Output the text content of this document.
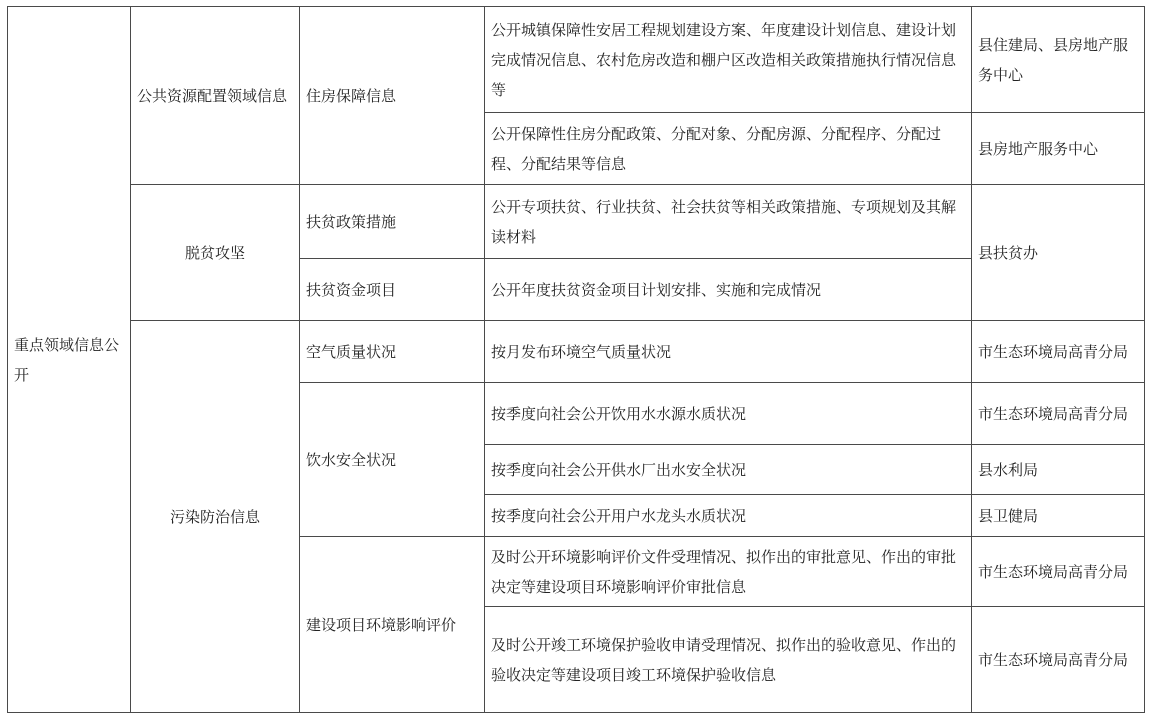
重点领域信息公开	公共资源配置领域信息	住房保障信息	公开城镇保障性安居工程规划建设方案、年度建设计划信息、建设计划完成情况信息、农村危房改造和棚户区改造相关政策措施执行情况信息等	县住建局、县房地产服务中心
			公开保障性住房分配政策、分配对象、分配房源、分配程序、分配过程、分配结果等信息	县房地产服务中心
	脱贫攻坚	扶贫政策措施	公开专项扶贫、行业扶贫、社会扶贫等相关政策措施、专项规划及其解读材料	县扶贫办
		扶贫资金项目	公开年度扶贫资金项目计划安排、实施和完成情况	
	污染防治信息	空气质量状况	按月发布环境空气质量状况	市生态环境局高青分局
		饮水安全状况	按季度向社会公开饮用水水源水质状况	市生态环境局高青分局
			按季度向社会公开供水厂出水安全状况	县水利局
			按季度向社会公开用户水龙头水质状况	县卫健局
		建设项目环境影响评价	及时公开环境影响评价文件受理情况、拟作出的审批意见、作出的审批决定等建设项目环境影响评价审批信息	市生态环境局高青分局
			及时公开竣工环境保护验收申请受理情况、拟作出的验收意见、作出的验收决定等建设项目竣工环境保护验收信息	市生态环境局高青分局
